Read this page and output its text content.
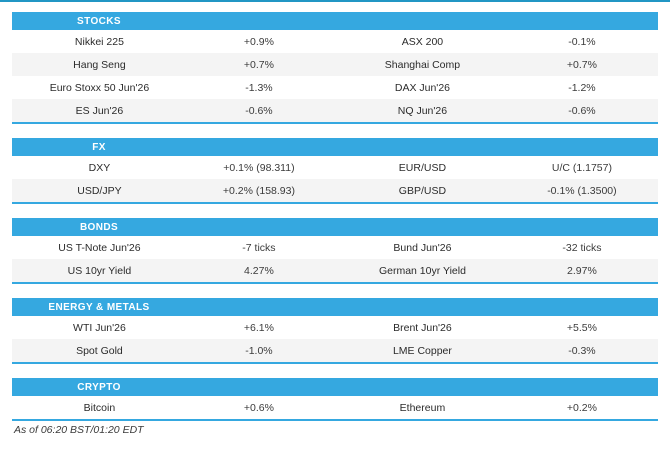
STOCKS
Nikkei 225	+0.9%	ASX 200	-0.1%
Hang Seng	+0.7%	Shanghai Comp	+0.7%
Euro Stoxx 50 Jun'26	-1.3%	DAX Jun'26	-1.2%
ES Jun'26	-0.6%	NQ Jun'26	-0.6%
FX
DXY	+0.1% (98.311)	EUR/USD	U/C (1.1757)
USD/JPY	+0.2% (158.93)	GBP/USD	-0.1% (1.3500)
BONDS
US T-Note Jun'26	-7 ticks	Bund Jun'26	-32 ticks
US 10yr Yield	4.27%	German 10yr Yield	2.97%
ENERGY & METALS
WTI Jun'26	+6.1%	Brent Jun'26	+5.5%
Spot Gold	-1.0%	LME Copper	-0.3%
CRYPTO
Bitcoin	+0.6%	Ethereum	+0.2%
As of 06:20 BST/01:20 EDT
